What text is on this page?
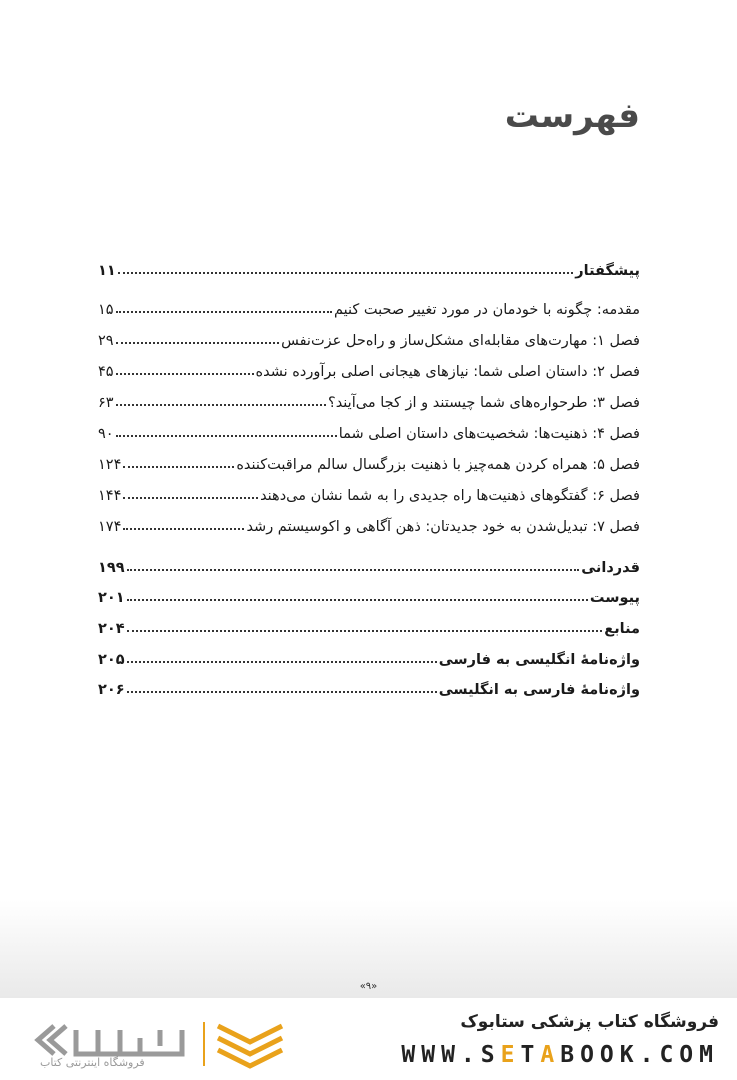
فهرست
پیشگفتار
۱۱
مقدمه: چگونه با خودمان در مورد تغییر صحبت کنیم
۱۵
فصل ۱: مهارت‌های مقابله‌ای مشکل‌ساز و راه‌حل عزت‌نفس
۲۹
فصل ۲: داستان اصلی شما: نیازهای هیجانی اصلی برآورده نشده
۴۵
فصل ۳: طرحواره‌های شما چیستند و از کجا می‌آیند؟
۶۳
فصل ۴: ذهنیت‌ها: شخصیت‌های داستان اصلی شما
۹۰
فصل ۵: همراه کردن همه‌چیز با ذهنیت بزرگسال سالم مراقبت‌کننده
۱۲۴
فصل ۶: گفتگوهای ذهنیت‌ها راه جدیدی را به شما نشان می‌دهند
۱۴۴
فصل ۷: تبدیل‌شدن به خود جدیدتان: ذهن آگاهی و اکوسیستم رشد
۱۷۴
قدردانی
۱۹۹
پیوست
۲۰۱
منابع
۲۰۴
واژه‌نامهٔ انگلیسی به فارسی
۲۰۵
واژه‌نامهٔ فارسی به انگلیسی
۲۰۶
«۹»
فروشگاه اینترنتی کتاب
فروشگاه کتاب پزشکی ستابوک
WWW.SETABOOK.COM
